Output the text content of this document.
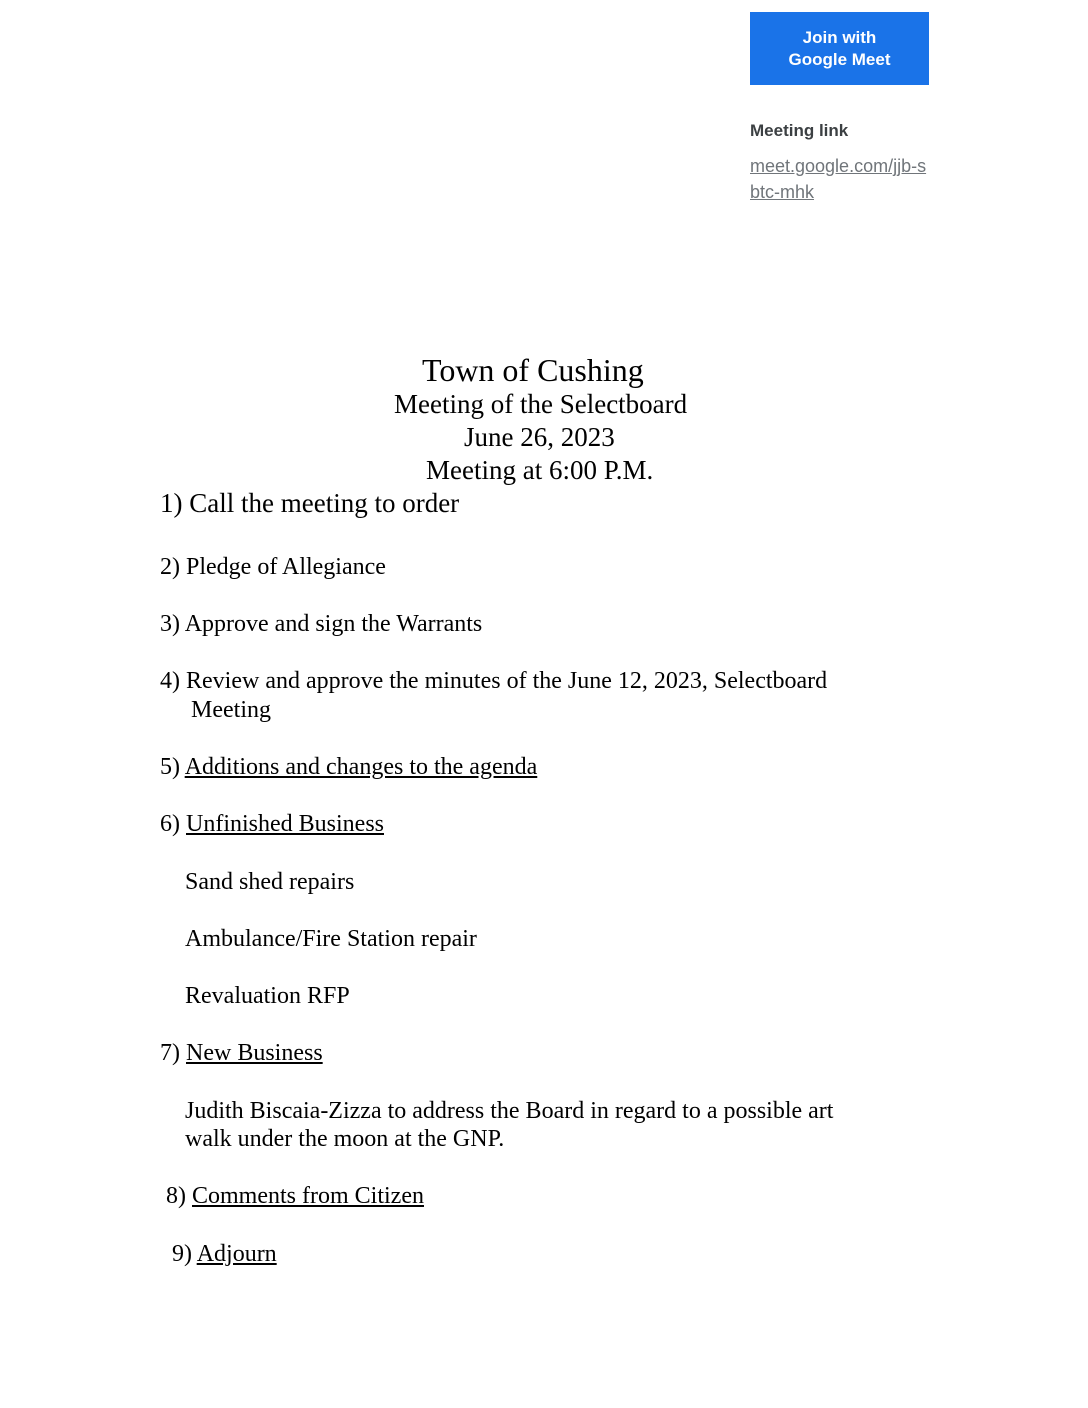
Join with
Google Meet
Meeting link
meet.google.com/jjb-sbtc-mhk
Town of Cushing
Meeting of the Selectboard
June 26, 2023
Meeting at 6:00 P.M.
1) Call the meeting to order
2) Pledge of Allegiance
3) Approve and sign the Warrants
4) Review and approve the minutes of the June 12, 2023, Selectboard
Meeting
5) Additions and changes to the agenda
6) Unfinished Business
Sand shed repairs
Ambulance/Fire Station repair
Revaluation RFP
7) New Business
Judith Biscaia-Zizza to address the Board in regard to a possible art
walk under the moon at the GNP.
8) Comments from Citizen
9) Adjourn
